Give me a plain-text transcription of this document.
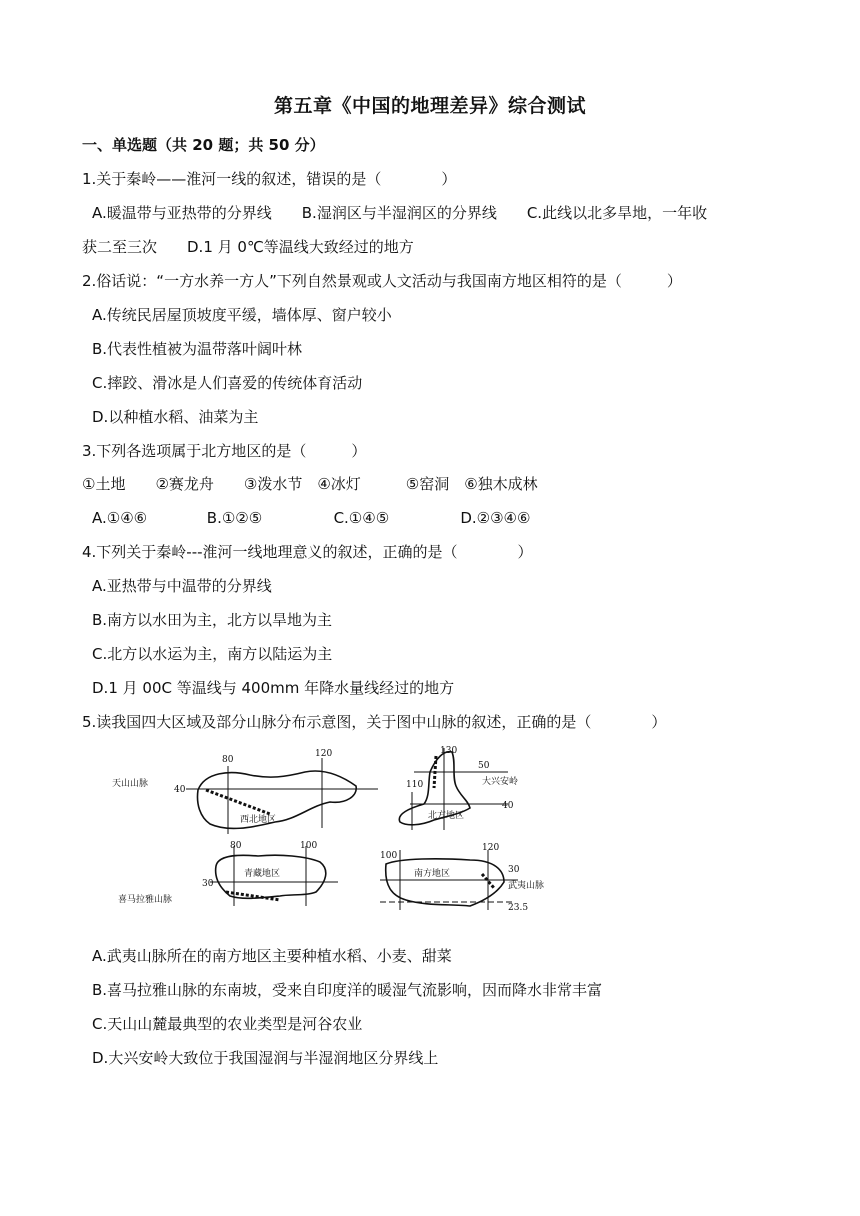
第五章《中国的地理差异》综合测试
一、单选题（共 20 题；共 50 分）
1.关于秦岭——淮河一线的叙述，错误的是（　　　　）
A.暖温带与亚热带的分界线　　B.湿润区与半湿润区的分界线　　C.此线以北多旱地，一年收
获二至三次　　D.1 月 0℃等温线大致经过的地方
2.俗话说：“一方水养一方人”下列自然景观或人文活动与我国南方地区相符的是（　　　）
A.传统民居屋顶坡度平缓，墙体厚、窗户较小
B.代表性植被为温带落叶阔叶林
C.摔跤、滑冰是人们喜爱的传统体育活动
D.以种植水稻、油菜为主
3.下列各选项属于北方地区的是（　　　）
①土地　　②赛龙舟　　③泼水节　④冰灯　　　⑤窑洞　⑥独木成林
A.①④⑥	B.①②⑤	C.①④⑤	D.②③④⑥
4.下列关于秦岭---淮河一线地理意义的叙述，正确的是（　　　　）
A.亚热带与中温带的分界线
B.南方以水田为主，北方以旱地为主
C.北方以水运为主，南方以陆运为主
D.1 月 00C 等温线与 400mm 年降水量线经过的地方
5.读我国四大区域及部分山脉分布示意图，关于图中山脉的叙述，正确的是（　　　　）
80
120
40
天山山脉
西北地区
130
110
50
40
大兴安岭
北方地区
80	100
30
喜马拉雅山脉
青藏地区
100
120
30
23.5
武夷山脉
南方地区
A.武夷山脉所在的南方地区主要种植水稻、小麦、甜菜
B.喜马拉雅山脉的东南坡，受来自印度洋的暖湿气流影响，因而降水非常丰富
C.天山山麓最典型的农业类型是河谷农业
D.大兴安岭大致位于我国湿润与半湿润地区分界线上
